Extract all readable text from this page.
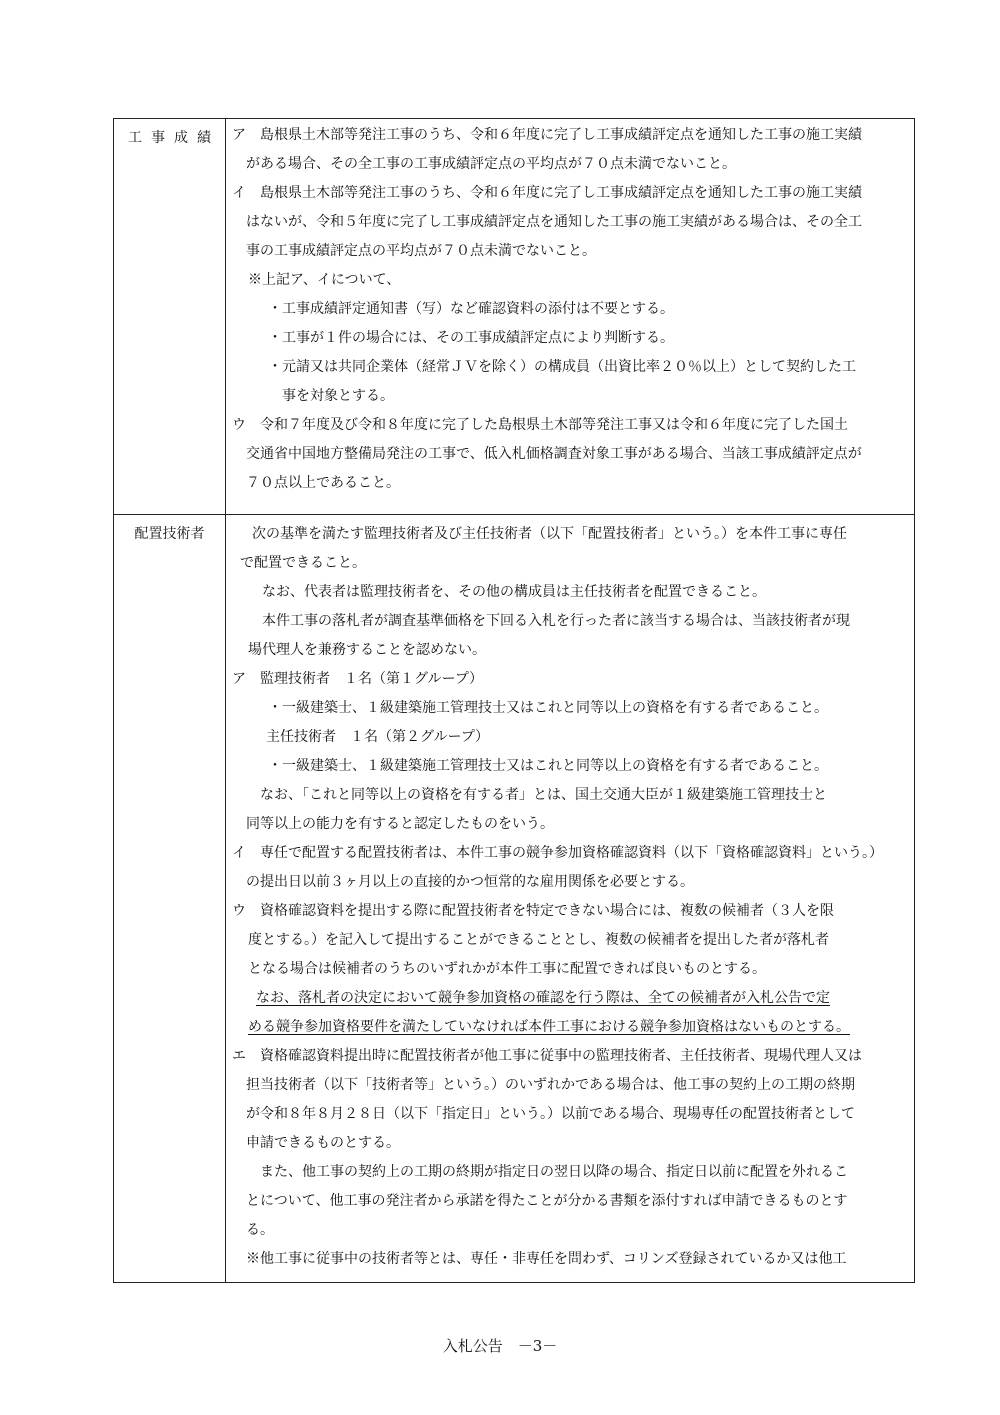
工事成績 ア　島根県土木部等発注工事のうち、令和６年度に完了し工事成績評定点を通知した工事の施工実績
がある場合、その全工事の工事成績評定点の平均点が７０点未満でないこと。
イ　島根県土木部等発注工事のうち、令和６年度に完了し工事成績評定点を通知した工事の施工実績
はないが、令和５年度に完了し工事成績評定点を通知した工事の施工実績がある場合は、その全工
事の工事成績評定点の平均点が７０点未満でないこと。
※上記ア、イについて、
・工事成績評定通知書（写）など確認資料の添付は不要とする。
・工事が１件の場合には、その工事成績評定点により判断する。
・元請又は共同企業体（経常ＪＶを除く）の構成員（出資比率２０％以上）として契約した工
事を対象とする。
ウ　令和７年度及び令和８年度に完了した島根県土木部等発注工事又は令和６年度に完了した国土
交通省中国地方整備局発注の工事で、低入札価格調査対象工事がある場合、当該工事成績評定点が
７０点以上であること。
配置技術者	次の基準を満たす監理技術者及び主任技術者（以下「配置技術者」という。）を本件工事に専任
で配置できること。
なお、代表者は監理技術者を、その他の構成員は主任技術者を配置できること。
本件工事の落札者が調査基準価格を下回る入札を行った者に該当する場合は、当該技術者が現
場代理人を兼務することを認めない。
ア　監理技術者　１名（第１グループ）
・一級建築士、１級建築施工管理技士又はこれと同等以上の資格を有する者であること。
主任技術者　１名（第２グループ）
・一級建築士、１級建築施工管理技士又はこれと同等以上の資格を有する者であること。
なお、「これと同等以上の資格を有する者」とは、国土交通大臣が１級建築施工管理技士と
同等以上の能力を有すると認定したものをいう。
イ　専任で配置する配置技術者は、本件工事の競争参加資格確認資料（以下「資格確認資料」という。）
の提出日以前３ヶ月以上の直接的かつ恒常的な雇用関係を必要とする。
ウ　資格確認資料を提出する際に配置技術者を特定できない場合には、複数の候補者（３人を限
度とする。）を記入して提出することができることとし、複数の候補者を提出した者が落札者
となる場合は候補者のうちのいずれかが本件工事に配置できれば良いものとする。
なお、落札者の決定において競争参加資格の確認を行う際は、全ての候補者が入札公告で定
める競争参加資格要件を満たしていなければ本件工事における競争参加資格はないものとする。
エ　資格確認資料提出時に配置技術者が他工事に従事中の監理技術者、主任技術者、現場代理人又は
担当技術者（以下「技術者等」という。）のいずれかである場合は、他工事の契約上の工期の終期
が令和８年８月２８日（以下「指定日」という。）以前である場合、現場専任の配置技術者として
申請できるものとする。
また、他工事の契約上の工期の終期が指定日の翌日以降の場合、指定日以前に配置を外れるこ
とについて、他工事の発注者から承諾を得たことが分かる書類を添付すれば申請できるものとす
る。
※他工事に従事中の技術者等とは、専任・非専任を問わず、コリンズ登録されているか又は他工
入札公告　－3－
